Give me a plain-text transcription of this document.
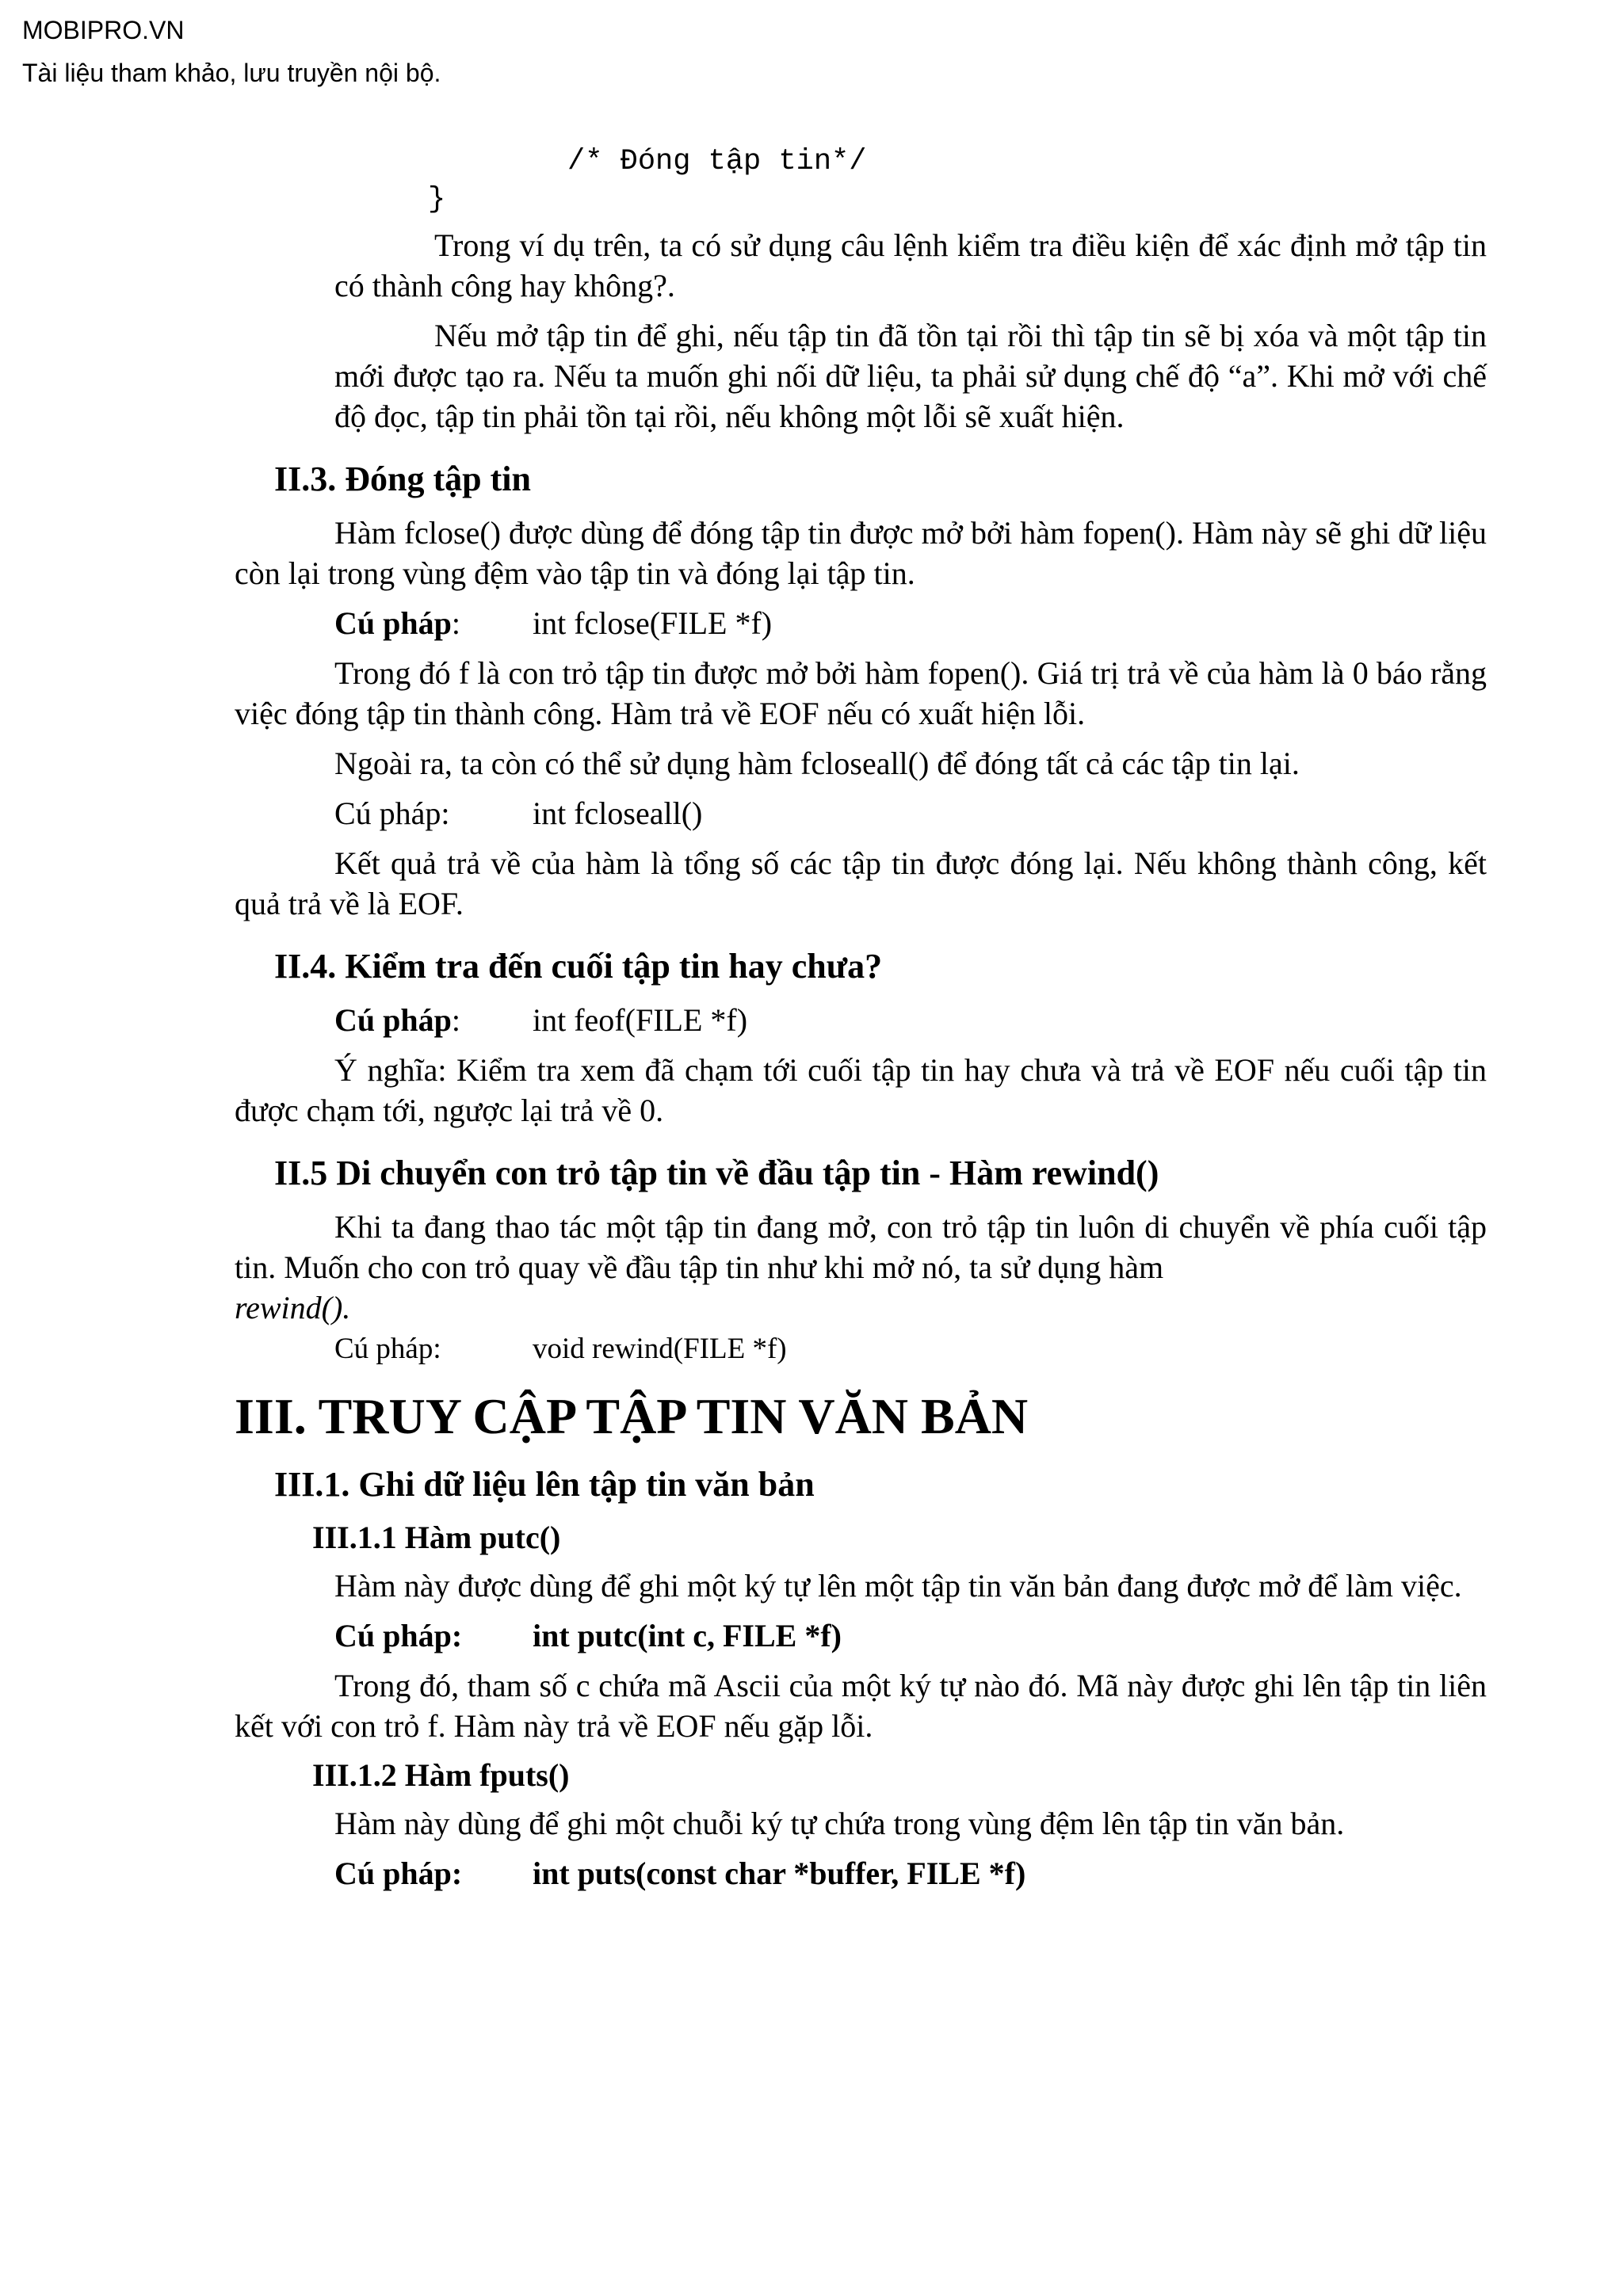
MOBIPRO.VN
Tài liệu tham khảo, lưu truyền nội bộ.
/* Đóng tập tin*/
}

Trong ví dụ trên, ta có sử dụng câu lệnh kiểm tra điều kiện để xác định mở tập tin có thành công hay không?.

Nếu mở tập tin để ghi, nếu tập tin đã tồn tại rồi thì tập tin sẽ bị xóa và một tập tin mới được tạo ra. Nếu ta muốn ghi nối dữ liệu, ta phải sử dụng chế độ “a”. Khi mở với chế độ đọc, tập tin phải tồn tại rồi, nếu không một lỗi sẽ xuất hiện.

II.3. Đóng tập tin

Hàm fclose() được dùng để đóng tập tin được mở bởi hàm fopen(). Hàm này sẽ ghi dữ liệu còn lại trong vùng đệm vào tập tin và đóng lại tập tin.

Cú pháp: int fclose(FILE *f)

Trong đó f là con trỏ tập tin được mở bởi hàm fopen(). Giá trị trả về của hàm là 0 báo rằng việc đóng tập tin thành công. Hàm trả về EOF nếu có xuất hiện lỗi.

Ngoài ra, ta còn có thể sử dụng hàm fcloseall() để đóng tất cả các tập tin lại.

Cú pháp:	int fcloseall()

Kết quả trả về của hàm là tổng số các tập tin được đóng lại. Nếu không thành công, kết quả trả về là EOF.

II.4. Kiểm tra đến cuối tập tin hay chưa?
Cú pháp: int feof(FILE *f)

Ý nghĩa: Kiểm tra xem đã chạm tới cuối tập tin hay chưa và trả về EOF nếu cuối tập tin được chạm tới, ngược lại trả về 0.

II.5 Di chuyển con trỏ tập tin về đầu tập tin - Hàm rewind()

Khi ta đang thao tác một tập tin đang mở, con trỏ tập tin luôn di chuyển về phía cuối tập tin. Muốn cho con trỏ quay về đầu tập tin như khi mở nó, ta sử dụng hàm
rewind().

Cú pháp:	void rewind(FILE *f)
III. TRUY CẬP TẬP TIN VĂN BẢN
III.1. Ghi dữ liệu lên tập tin văn bản
III.1.1 Hàm putc()

Hàm này được dùng để ghi một ký tự lên một tập tin văn bản đang được mở để làm việc.

Cú pháp: int putc(int c, FILE *f)

Trong đó, tham số c chứa mã Ascii của một ký tự nào đó. Mã này được ghi lên tập tin liên kết với con trỏ f. Hàm này trả về EOF nếu gặp lỗi.

III.1.2 Hàm fputs()

Hàm này dùng để ghi một chuỗi ký tự chứa trong vùng đệm lên tập tin văn bản.

Cú pháp: int puts(const char *buffer, FILE *f)
